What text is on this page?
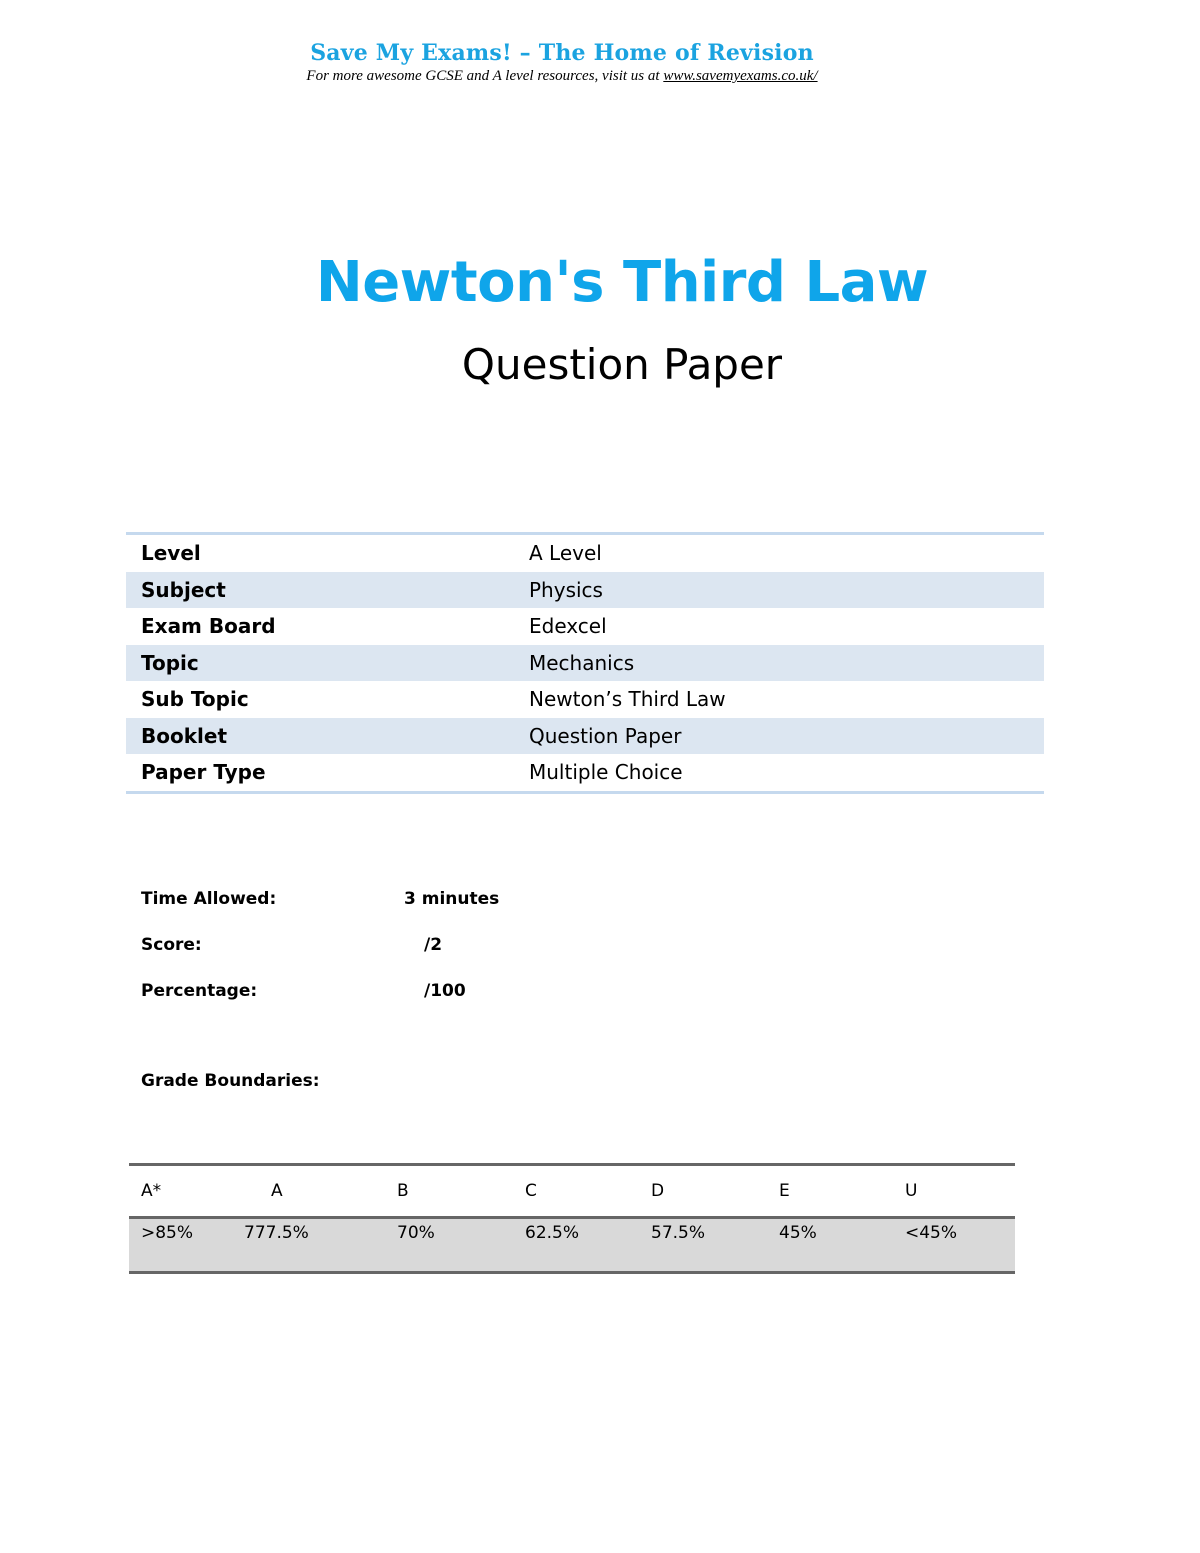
Save My Exams! – The Home of Revision
For more awesome GCSE and A level resources, visit us at www.savemyexams.co.uk/
Newton's Third Law
Question Paper
Level	A Level
Subject	Physics
Exam Board	Edexcel
Topic	Mechanics
Sub Topic	Newton’s Third Law
Booklet	Question Paper
Paper Type	Multiple Choice
Time Allowed:	3 minutes
Score:	/2
Percentage:	/100
Grade Boundaries:
A*	A	B	C	D	E	U
>85%	777.5%	70%	62.5%	57.5%	45%	<45%
